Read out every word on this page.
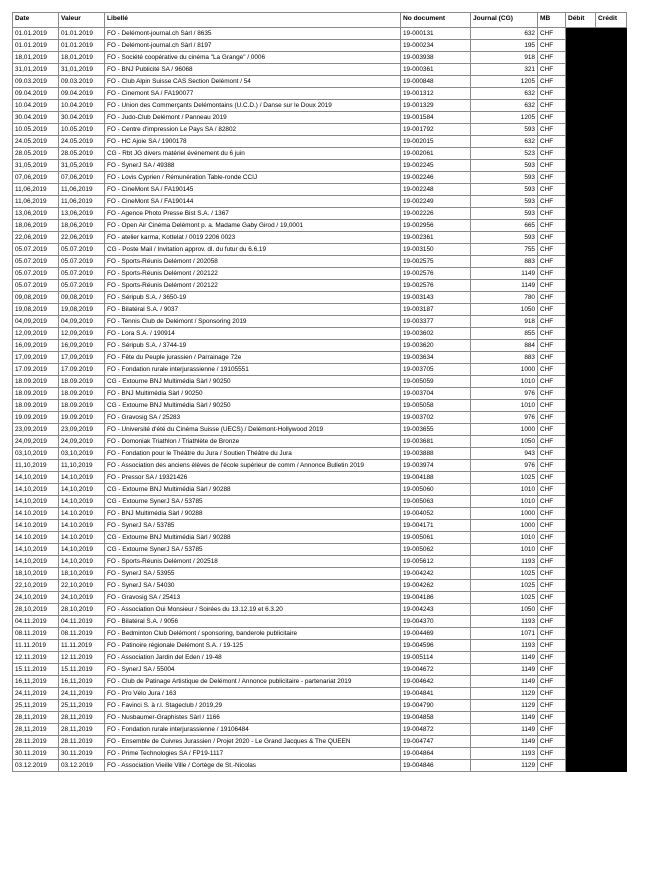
Date	Valeur	Libellé	No document	Journal (CG)	MB	Débit	Crédit
01.01.2019	01.01.2019	FO - Delémont-journal.ch Sàrl / 8635	19-000131	632	CHF		
01.01.2019	01.01.2019	FO - Delémont-journal.ch Sàrl / 8197	19-000234	195	CHF		
18,01,2019	18,01,2019	FO - Société coopérative du cinéma "La Grange" / 0006	19-003938	918	CHF		
31,01,2019	31,01,2019	FO - BNJ Publicité SA / 96068	19-000361	321	CHF		
09.03.2019	09.03.2019	FO - Club Alpin Suisse CAS Section Delémont / 54	19-000848	1205	CHF		
09.04.2019	09.04.2019	FO - Cinemont SA / FA190077	19-001312	632	CHF		
10.04.2019	10.04.2019	FO - Union des Commerçants Delémontains (U.C.D.) / Danse sur le Doux 2019	19-001329	632	CHF		
30.04.2019	30.04.2019	FO - Judo-Club Delémont / Panneau 2019	19-001584	1205	CHF		
10.05.2019	10.05.2019	FO - Centre d'impression Le Pays SA / 82802	19-001792	593	CHF		
24.05.2019	24.05.2019	FO - HC Ajoie SA / 1900178	19-002015	632	CHF		
28.05.2019	28.05.2019	CG - Rbt JG divers matériel événement du 6 juin	19-002061	523	CHF		
31,05,2019	31,05,2019	FO - SynerJ SA / 49388	19-002245	593	CHF		
07,06,2019	07,06,2019	FO - Lovis Cyprien / Rémunération Table-ronde CCIJ	19-002246	593	CHF		
11,06,2019	11,06,2019	FO - CineMont SA / FA190145	19-002248	593	CHF		
11,06,2019	11,06,2019	FO - CineMont SA / FA190144	19-002249	593	CHF		
13,06,2019	13,06,2019	FO - Agence Photo Presse Bist S.A. / 1367	19-002226	593	CHF		
18,06,2019	18,06,2019	FO - Open Air Cinéma Delémont p. a. Madame Gaby Girod / 19,0001	19-002956	665	CHF		
22,06,2019	22,06,2019	FO - atelier karma, Kottelat / 0019 2206 0023	19-002361	593	CHF		
05.07.2019	05.07.2019	CG - Poste Mail / Invitation approv. dl. du futur du 6.6.19	19-003150	755	CHF		
05.07.2019	05.07.2019	FO - Sports-Réunis Delémont / 202058	19-002575	883	CHF		
05.07.2019	05.07.2019	FO - Sports-Réunis Delémont / 202122	19-002576	1149	CHF		
05.07.2019	05.07.2019	FO - Sports-Réunis Delémont / 202122	19-002576	1149	CHF		
09,08,2019	09,08,2019	FO - Séripub S.A. / 3650-19	19-003143	780	CHF		
19,08,2019	19,08,2019	FO - Bilatéral S.A. / 9037	19-003187	1050	CHF		
04,09,2019	04,09,2019	FO - Tennis Club de Delémont / Sponsoring 2019	19-003377	918	CHF		
12,09,2019	12,09,2019	FO - Lora S.A. / 190914	19-003602	855	CHF		
16,09,2019	16,09,2019	FO - Séripub S.A. / 3744-19	19-003620	884	CHF		
17,09,2019	17,09,2019	FO - Fête du Peuple jurassien / Parrainage 72e	19-003634	883	CHF		
17.09.2019	17.09.2019	FO - Fondation rurale interjurassienne / 19105551	19-003705	1000	CHF		
18.09.2019	18.09.2019	CG - Extourne BNJ Multimédia Sàrl / 90250	19-005059	1010	CHF		
18.09.2019	18.09.2019	FO - BNJ Multimédia Sàrl / 90250	19-003704	976	CHF		
18.09.2019	18.09.2019	CG - Extourne BNJ Multimédia Sàrl / 90250	19-005058	1010	CHF		
19.09.2019	19.09.2019	FO - Gravosig SA / 25283	19-003702	976	CHF		
23,09,2019	23,09,2019	FO - Université d'été du Cinéma Suisse (UECS) / Delémont-Hollywood 2019	19-003655	1000	CHF		
24,09,2019	24,09,2019	FO - Domoniak Triathlon / Triathlète de Bronze	19-003681	1050	CHF		
03,10,2019	03,10,2019	FO - Fondation pour le Théâtre du Jura / Soutien Théâtre du Jura	19-003888	943	CHF		
11,10,2019	11,10,2019	FO - Association des anciens élèves de l'école supérieur de comm / Annonce Bulletin 2019	19-003974	976	CHF		
14,10,2019	14,10,2019	FO - Pressor SA / 19321426	19-004188	1025	CHF		
14,10,2019	14,10,2019	CG - Extourne BNJ Multimédia Sàrl / 90288	19-005060	1010	CHF		
14,10,2019	14,10,2019	CG - Extourne SynerJ SA / 53785	19-005063	1010	CHF		
14.10.2019	14.10.2019	FO - BNJ Multimédia Sàrl / 90288	19-004052	1000	CHF		
14.10.2019	14.10.2019	FO - SynerJ SA / 53785	19-004171	1000	CHF		
14.10.2019	14.10.2019	CG - Extourne BNJ Multimédia Sàrl / 90288	19-005061	1010	CHF		
14,10,2019	14,10,2019	CG - Extourne SynerJ SA / 53785	19-005062	1010	CHF		
14,10,2019	14,10,2019	FO - Sports-Réunis Delémont / 202518	19-005612	1193	CHF		
18,10,2019	18,10,2019	FO - SynerJ SA / 53955	19-004242	1025	CHF		
22,10,2019	22,10,2019	FO - SynerJ SA / 54030	19-004262	1025	CHF		
24,10,2019	24,10,2019	FO - Gravosig SA / 25413	19-004186	1025	CHF		
28,10,2019	28,10,2019	FO - Association Oui Monsieur / Soirées du 13.12.19 et 6.3.20	19-004243	1050	CHF		
04.11.2019	04.11.2019	FO - Bilatéral S.A. / 9056	19-004370	1193	CHF		
08.11.2019	08.11.2019	FO - Bedminton Club Delémont / sponsoring, banderole publicitaire	19-004469	1071	CHF		
11.11.2019	11.11.2019	FO - Patinoire régionale Delémont S.A. / 19-125	19-004596	1193	CHF		
12.11.2019	12.11.2019	FO - Association Jardin del Eden / 19-48	19-005114	1149	CHF		
15.11.2019	15.11.2019	FO - SynerJ SA / 55004	19-004672	1149	CHF		
16,11,2019	16,11,2019	FO - Club de Patinage Artistique de Delémont / Annonce publicitaire - partenariat 2019	19-004642	1149	CHF		
24,11,2019	24,11,2019	FO - Pro Vélo Jura / 163	19-004841	1129	CHF		
25,11,2019	25,11,2019	FO - Favinci S. à r.l. Stageclub / 2019,29	19-004790	1129	CHF		
28,11,2019	28,11,2019	FO - Nusbaumer-Graphistes Sàrl / 1166	19-004858	1149	CHF		
28,11,2019	28,11,2019	FO - Fondation rurale interjurassienne / 19106484	19-004872	1149	CHF		
28.11.2019	28.11.2019	FO - Ensemble de Cuivres Jurassien / Projet 2020 - Le Grand Jacques & The QUEEN	19-004747	1149	CHF		
30.11.2019	30.11.2019	FO - Prime Technologies SA / FP19-1117	19-004864	1193	CHF		
03.12.2019	03.12.2019	FO - Association Vieille Ville / Cortège de St.-Nicolas	19-004846	1129	CHF		
